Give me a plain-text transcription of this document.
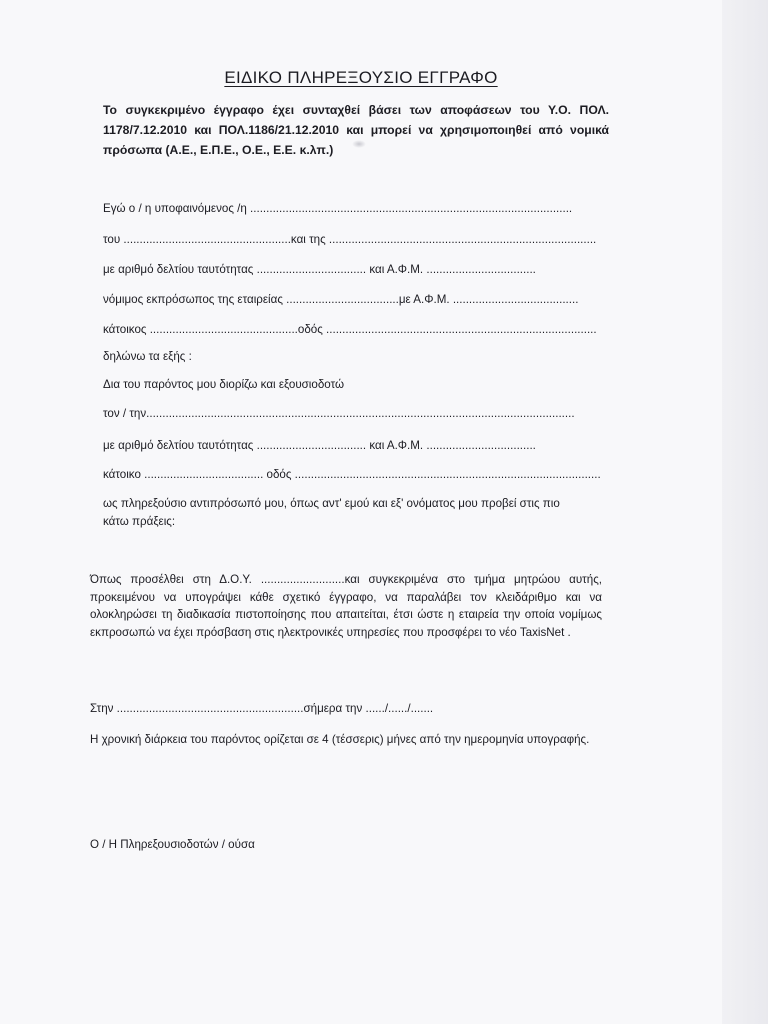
ΕΙΔΙΚΟ ΠΛΗΡΕΞΟΥΣΙΟ ΕΓΓΡΑΦΟ
Το συγκεκριμένο έγγραφο έχει συνταχθεί βάσει των αποφάσεων του Υ.Ο. ΠΟΛ. 1178/7.12.2010 και ΠΟΛ.1186/21.12.2010 και μπορεί να χρησιμοποιηθεί από νομικά πρόσωπα (Α.Ε., Ε.Π.Ε., Ο.Ε., Ε.Ε. κ.λπ.)
Εγώ ο / η υποφαινόμενος /η ....................................................................................................
του ....................................................και της ...................................................................................
με αριθμό δελτίου ταυτότητας .................................. και Α.Φ.Μ. ..................................
νόμιμος εκπρόσωπος της εταιρείας ...................................με Α.Φ.Μ. .......................................
κάτοικος ..............................................οδός ....................................................................................
δηλώνω τα εξής :
Δια του παρόντος μου διορίζω και εξουσιοδοτώ
τον / την.....................................................................................................................................
με αριθμό δελτίου ταυτότητας .................................. και Α.Φ.Μ. ..................................
κάτοικο ..................................... οδός ...............................................................................................
ως πληρεξούσιο αντιπρόσωπό μου, όπως αντ' εμού και εξ' ονόματος μου προβεί στις πιο
κάτω πράξεις:
Όπως προσέλθει στη Δ.Ο.Υ. ..........................και συγκεκριμένα στο τμήμα μητρώου αυτής, προκειμένου να υπογράψει κάθε σχετικό έγγραφο, να παραλάβει τον κλειδάριθμο και να ολοκληρώσει τη διαδικασία πιστοποίησης που απαιτείται, έτσι ώστε η εταιρεία την οποία νομίμως εκπροσωπώ να έχει πρόσβαση στις ηλεκτρονικές υπηρεσίες που προσφέρει το νέο TaxisNet .
Στην ..........................................................σήμερα την ....../....../.......
Η χρονική διάρκεια του παρόντος ορίζεται σε 4 (τέσσερις) μήνες από την ημερομηνία υπογραφής.
Ο / Η Πληρεξουσιοδοτών / ούσα
